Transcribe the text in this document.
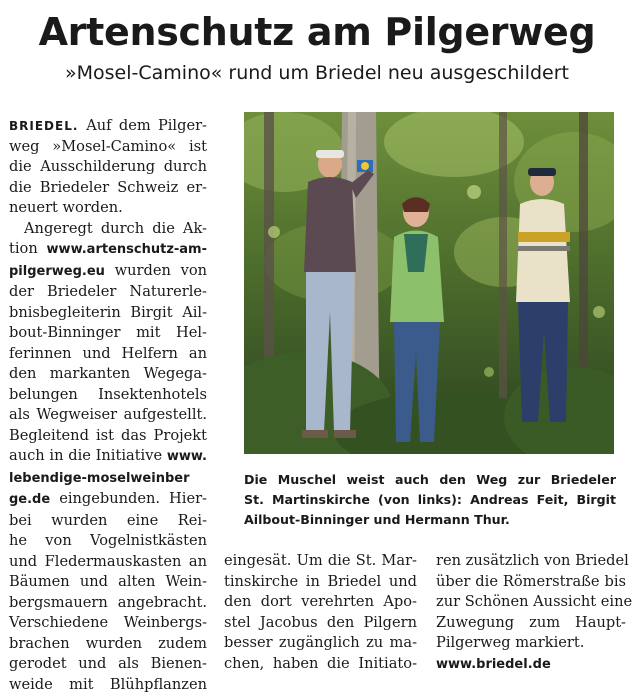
Artenschutz am Pilgerweg
»Mosel-Camino« rund um Briedel neu ausgeschildert
BRIEDEL. Auf dem Pilger-
weg »Mosel-Camino« ist
die Ausschilderung durch
die Briedeler Schweiz er-
neuert worden.
Angeregt durch die Ak-
tion www.artenschutz-am-
pilgerweg.eu wurden von
der Briedeler Naturerle-
bnisbegleiterin Birgit Ail-
bout-Binninger mit Hel-
ferinnen und Helfern an
den markanten Wegega-
belungen Insektenhotels
als Wegweiser aufgestellt.
Begleitend ist das Projekt
auch in die Initiative www.
lebendige-moselweinber
ge.de eingebunden. Hier-
bei wurden eine Rei-
he von Vogelnistkästen
und Fledermauskasten an
Bäumen und alten Wein-
bergsmauern angebracht.
Verschiedene Weinbergs-
brachen wurden zudem
gerodet und als Bienen-
weide mit Blühpflanzen
Die Muschel weist auch den Weg zur Briedeler
St. Martinskirche (von links): Andreas Feit, Birgit
Ailbout-Binninger und Hermann Thur.
eingesät. Um die St. Mar-
tinskirche in Briedel und
den dort verehrten Apo-
stel Jacobus den Pilgern
besser zugänglich zu ma-
chen, haben die Initiato-
ren zusätzlich von Briedel
über die Römerstraße bis
zur Schönen Aussicht eine
Zuwegung zum Haupt-
Pilgerweg markiert.
www.briedel.de
